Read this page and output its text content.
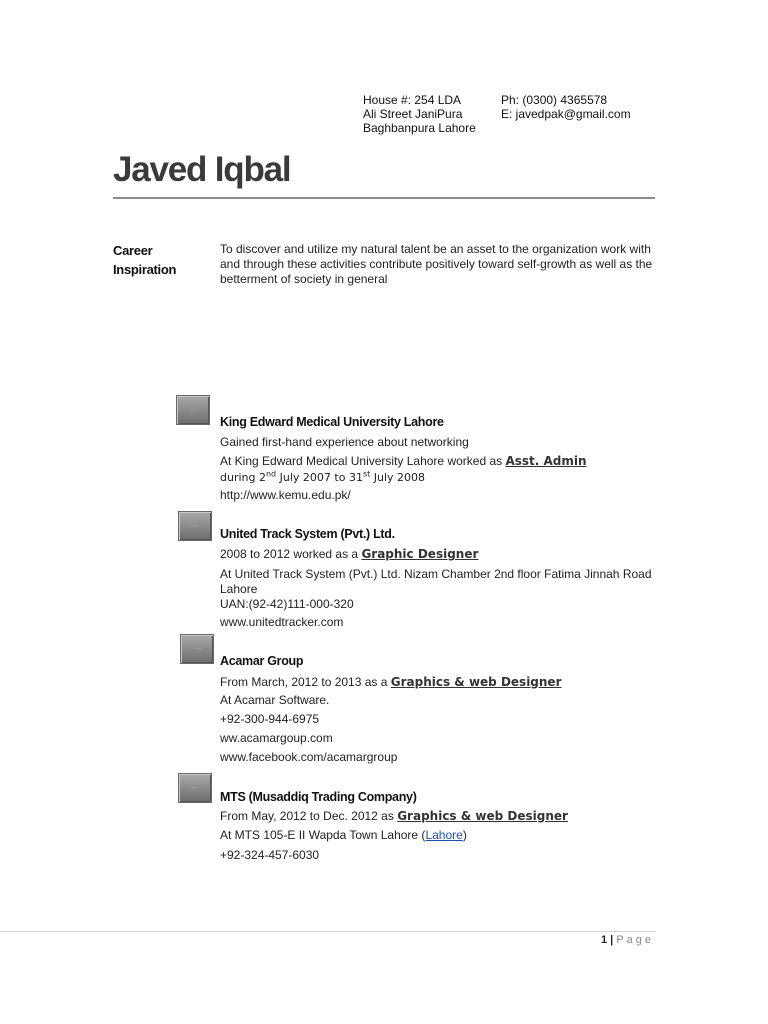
House #: 254 LDA
Ali Street JaniPura
Baghbanpura Lahore
Ph: (0300) 4365578
E: javedpak@gmail.com
Javed Iqbal
Career
Inspiration
To discover and utilize my natural talent be an asset to the organization work with and through these activities contribute positively toward self-growth as well as the betterment of society in general
King Edward Medical University Lahore
Gained first-hand experience about networking
At King Edward Medical University Lahore worked as Asst. Admin
during 2nd July 2007 to 31st July 2008
http://www.kemu.edu.pk/
United Track System (Pvt.) Ltd.
2008 to 2012 worked as a Graphic Designer
At United Track System (Pvt.) Ltd. Nizam Chamber 2nd floor Fatima Jinnah Road Lahore
UAN:(92-42)111-000-320
www.unitedtracker.com
Acamar Group
From March, 2012 to 2013 as a Graphics & web Designer
At Acamar Software.
+92-300-944-6975
ww.acamargoup.com
www.facebook.com/acamargroup
MTS (Musaddiq Trading Company)
From May, 2012 to Dec. 2012 as Graphics & web Designer
At MTS 105-E II Wapda Town Lahore (Lahore)
+92-324-457-6030
1 | Page
